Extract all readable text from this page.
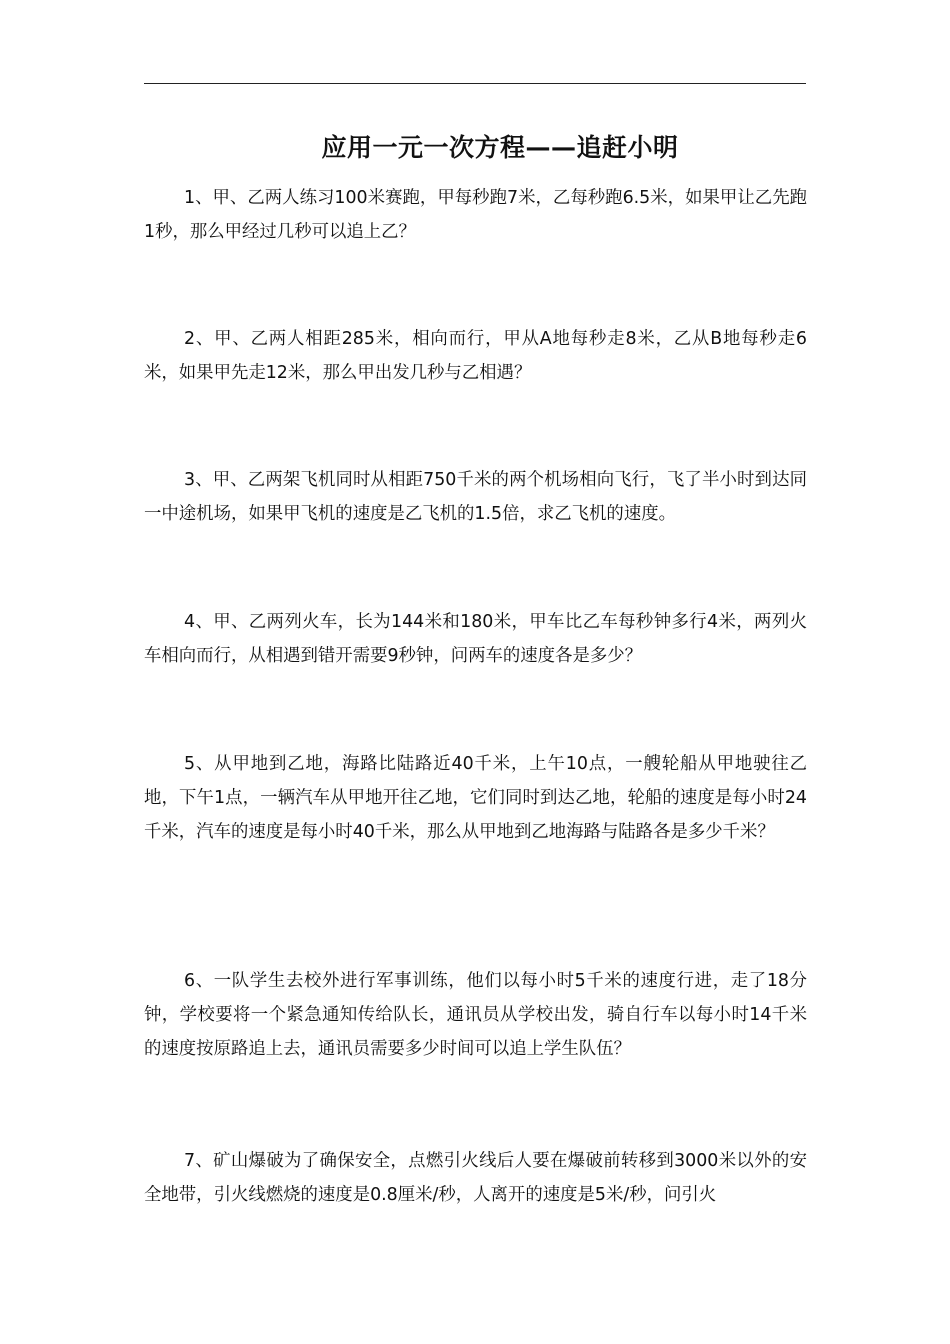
应用一元一次方程——追赶小明

1、甲、乙两人练习100米赛跑，甲每秒跑7米，乙每秒跑6.5米，如果甲让乙先跑1秒，那么甲经过几秒可以追上乙？

2、甲、乙两人相距285米，相向而行，甲从A地每秒走8米，乙从B地每秒走6米，如果甲先走12米，那么甲出发几秒与乙相遇？

3、甲、乙两架飞机同时从相距750千米的两个机场相向飞行，飞了半小时到达同一中途机场，如果甲飞机的速度是乙飞机的1.5倍，求乙飞机的速度。

4、甲、乙两列火车，长为144米和180米，甲车比乙车每秒钟多行4米，两列火车相向而行，从相遇到错开需要9秒钟，问两车的速度各是多少？

5、从甲地到乙地，海路比陆路近40千米，上午10点，一艘轮船从甲地驶往乙地，下午1点，一辆汽车从甲地开往乙地，它们同时到达乙地，轮船的速度是每小时24千米，汽车的速度是每小时40千米，那么从甲地到乙地海路与陆路各是多少千米？

6、一队学生去校外进行军事训练，他们以每小时5千米的速度行进，走了18分钟，学校要将一个紧急通知传给队长，通讯员从学校出发，骑自行车以每小时14千米的速度按原路追上去，通讯员需要多少时间可以追上学生队伍？

7、矿山爆破为了确保安全，点燃引火线后人要在爆破前转移到3000米以外的安全地带，引火线燃烧的速度是0.8厘米/秒，人离开的速度是5米/秒，问引火
